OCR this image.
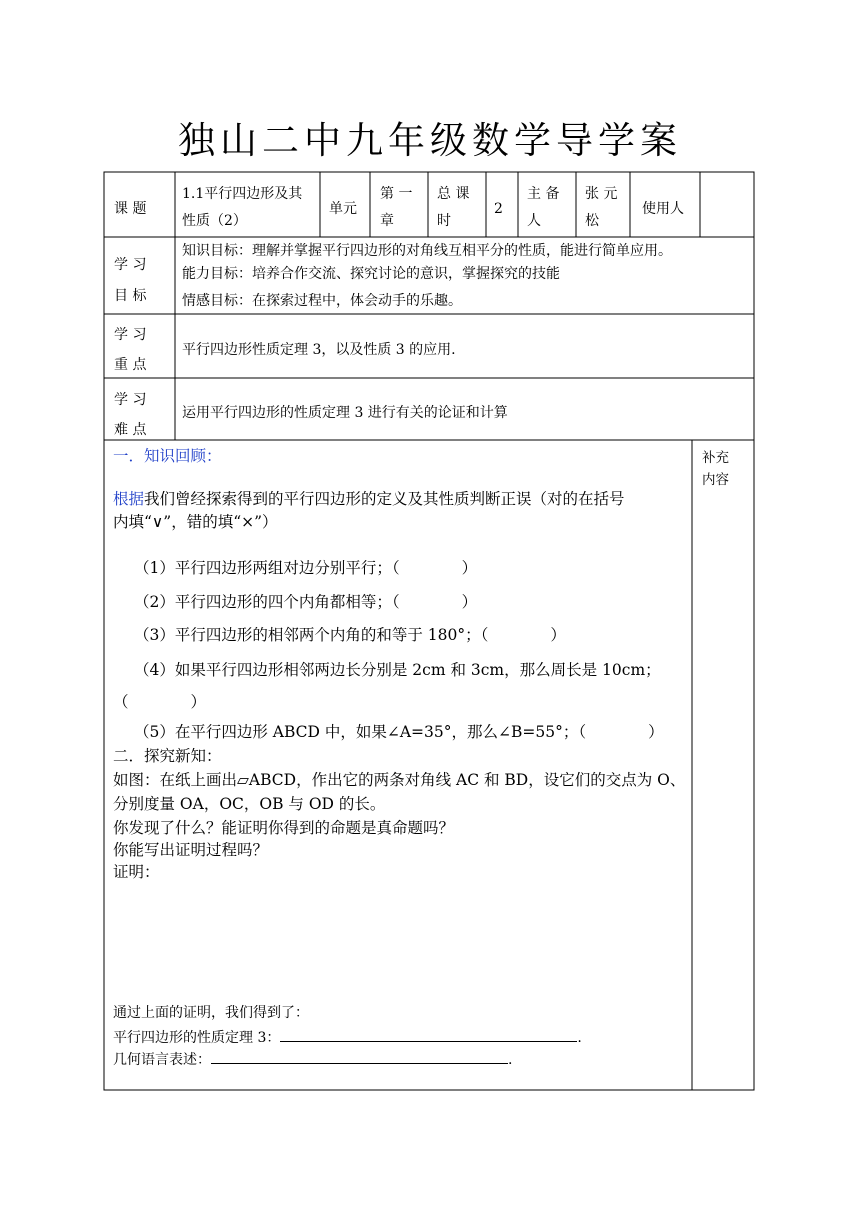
独山二中九年级数学导学案
课 题
1.1平行四边形及其
性质（2）
单元
第 一
章
总 课
时
2
主 备
人
张 元
松
使用人
学 习
目 标
知识目标：理解并掌握平行四边形的对角线互相平分的性质，能进行简单应用。
能力目标：培养合作交流、探究讨论的意识，掌握探究的技能
情感目标：在探索过程中，体会动手的乐趣。
学 习
重 点
平行四边形性质定理 3，以及性质 3 的应用.
学 习
难 点
运用平行四边形的性质定理 3 进行有关的论证和计算
补充
内容
一．知识回顾：
根据我们曾经探索得到的平行四边形的定义及其性质判断正误（对的在括号
内填“∨”，错的填“×”）
（1）平行四边形两组对边分别平行；（　　　　）
（2）平行四边形的四个内角都相等；（　　　　）
（3）平行四边形的相邻两个内角的和等于 180°；（　　　　）
（4）如果平行四边形相邻两边长分别是 2cm 和 3cm，那么周长是 10cm；
（　　　　）
（5）在平行四边形 ABCD 中，如果∠A=35°，那么∠B=55°；（　　　　）
二．探究新知：
如图：在纸上画出▱ABCD，作出它的两条对角线 AC 和 BD，设它们的交点为 O、
分别度量 OA，OC，OB 与 OD 的长。
你发现了什么？能证明你得到的命题是真命题吗？
你能写出证明过程吗？
证明：
通过上面的证明，我们得到了：
平行四边形的性质定理 3：	.
几何语言表述：	.
